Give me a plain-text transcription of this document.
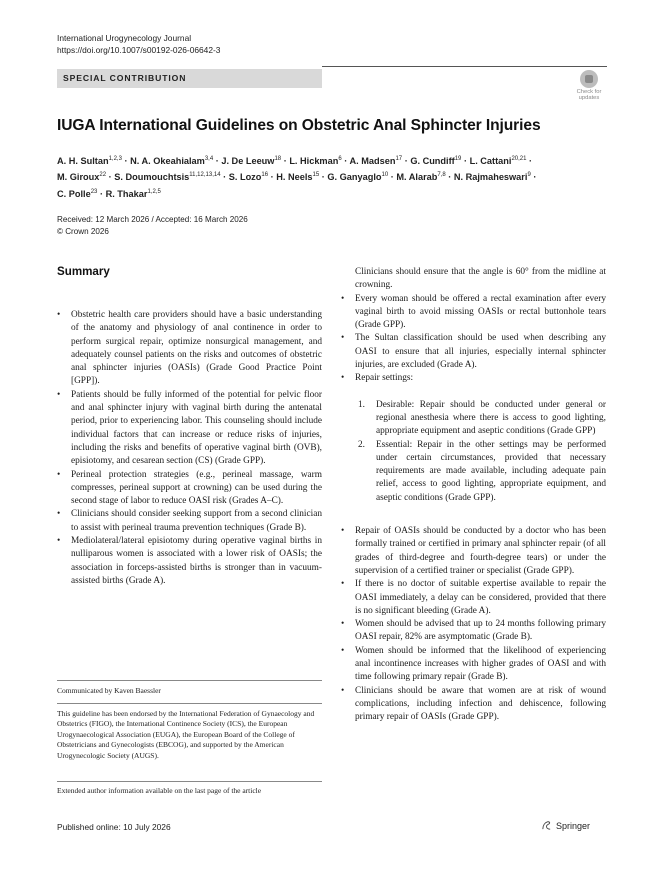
International Urogynecology Journal
https://doi.org/10.1007/s00192-026-06642-3
SPECIAL CONTRIBUTION
Check for
updates
IUGA International Guidelines on Obstetric Anal Sphincter Injuries
A. H. Sultan$^{1,2,3}$ · N. A. Okeahialam$^{3,4}$ · J. De Leeuw$^{18}$ · L. Hickman$^6$ · A. Madsen$^{17}$ · G. Cundiff$^{19}$ · L. Cattani$^{20,21}$ ·
M. Giroux$^{22}$ · S. Doumouchtsis$^{11,12,13,14}$ · S. Lozo$^{16}$ · H. Neels$^{15}$ · G. Ganyaglo$^{10}$ · M. Alarab$^{7,8}$ · N. Rajmaheswari$^9$ ·
C. Polle$^{23}$ · R. Thakar$^{1,2,5}$
Received: 12 March 2026 / Accepted: 16 March 2026
© Crown 2026
Summary

• Obstetric health care providers should have a basic understanding of the anatomy and physiology of anal continence in order to perform surgical repair, optimize nonsurgical management, and adequately counsel patients on the risks and outcomes of obstetric anal sphincter injuries (OASIs) (Grade Good Practice Point [GPP]).

• Patients should be fully informed of the potential for pelvic floor and anal sphincter injury with vaginal birth during the antenatal period, prior to experiencing labor. This counseling should include individual factors that can increase or reduce risks of injuries, including the risks and benefits of operative vaginal birth (OVB), episiotomy, and cesarean section (CS) (Grade GPP).

• Perineal protection strategies (e.g., perineal massage, warm compresses, perineal support at crowning) can be used during the second stage of labor to reduce OASI risk (Grades A–C).

• Clinicians should consider seeking support from a second clinician to assist with perineal trauma prevention techniques (Grade B).

• Mediolateral/lateral episiotomy during operative vaginal births in nulliparous women is associated with a lower risk of OASIs; the association in forceps-assisted births is stronger than in vacuum-assisted births (Grade A).

Communicated by Kaven Baessler
This guideline has been endorsed by the International Federation of Gynaecology and Obstetrics (FIGO), the International Continence Society (ICS), the European Urogynaecological Association (EUGA), the European Board of the College of Obstetricians and Gynecologists (EBCOG), and supported by the American Urogynecologic Society (AUGS).
Extended author information available on the last page of the article

Clinicians should ensure that the angle is 60° from the midline at crowning.

• Every woman should be offered a rectal examination after every vaginal birth to avoid missing OASIs or rectal buttonhole tears (Grade GPP).

• The Sultan classification should be used when describing any OASI to ensure that all injuries, especially internal sphincter injuries, are excluded (Grade A).

• Repair settings:

1. Desirable: Repair should be conducted under general or regional anesthesia where there is access to good lighting, appropriate equipment and aseptic conditions (Grade GPP)

2. Essential: Repair in the other settings may be performed under certain circumstances, provided that necessary requirements are made available, including adequate pain relief, access to good lighting, appropriate equipment, and aseptic conditions (Grade GPP).

• Repair of OASIs should be conducted by a doctor who has been formally trained or certified in primary anal sphincter repair (of all grades of third-degree and fourth-degree tears) or under the supervision of a certified trainer or specialist (Grade GPP).

• If there is no doctor of suitable expertise available to repair the OASI immediately, a delay can be considered, provided that there is no significant bleeding (Grade A).

• Women should be advised that up to 24 months following primary OASI repair, 82% are asymptomatic (Grade B).

• Women should be informed that the likelihood of experiencing anal incontinence increases with higher grades of OASI and with time following primary repair (Grade B).

• Clinicians should be aware that women are at risk of wound complications, including infection and dehiscence, following primary repair of OASIs (Grade GPP).

Published online: 10 July 2026	Springer
